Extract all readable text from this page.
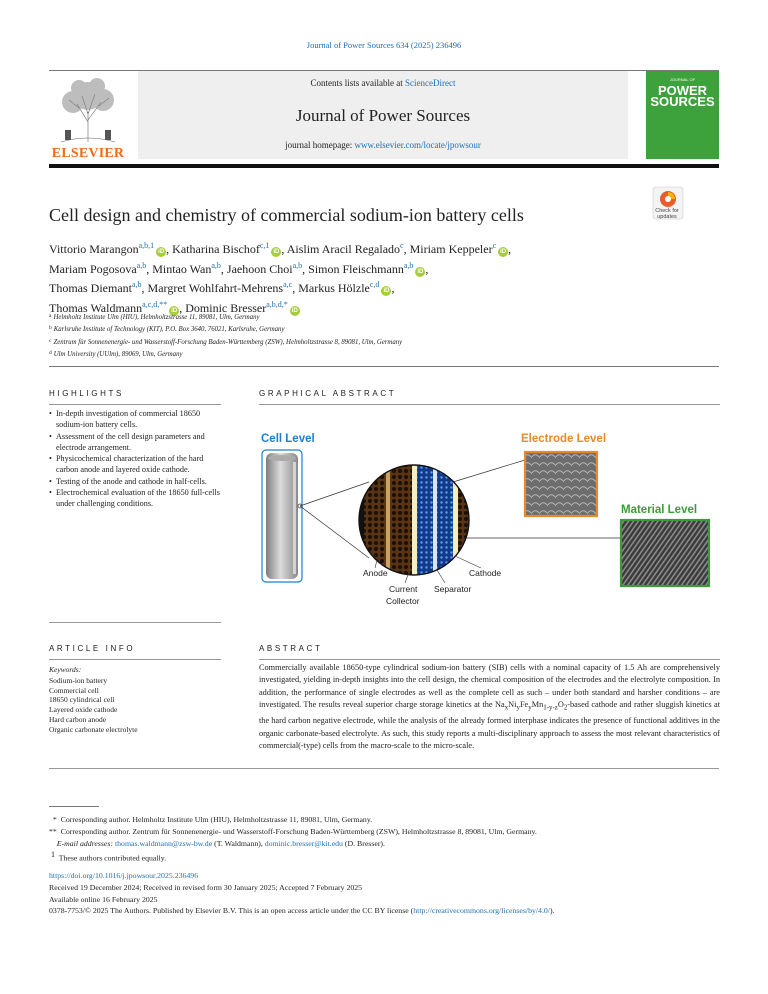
Journal of Power Sources 634 (2025) 236496
Contents lists available at ScienceDirect
Journal of Power Sources
journal homepage: www.elsevier.com/locate/jpowsour
ELSEVIER
JOURNAL OF
POWER
SOURCES
Cell design and chemistry of commercial sodium-ion battery cells	Check for
updates
Vittorio Marangon$^{a,b,1}$iD , Katharina Bischof$^{c,1}$iD , Aislim Aracil Regalado$^c$, Miriam Keppeler$^c$iD ,
Mariam Pogosova$^{a,b}$, Mintao Wan$^{a,b}$, Jaehoon Choi$^{a,b}$, Simon Fleischmann$^{a,b}$iD ,
Thomas Diemant$^{a,b}$, Margret Wohlfahrt-Mehrens$^{a,c}$, Markus Hölzle$^{c,d}$iD ,
Thomas Waldmann$^{a,c,d,**}$iD , Dominic Bresser$^{a,b,d,*}$iD
$^a$ Helmholtz Institute Ulm (HIU), Helmholtzstrasse 11, 89081, Ulm, Germany
$^b$ Karlsruhe Institute of Technology (KIT), P.O. Box 3640, 76021, Karlsruhe, Germany
$^c$ Zentrum für Sonnenenergie- und Wasserstoff-Forschung Baden-Württemberg (ZSW), Helmholtzstrasse 8, 89081, Ulm, Germany
$^d$ Ulm University (UUlm), 89069, Ulm, Germany
HIGHLIGHTS
• In-depth investigation of commercial 18650 sodium-ion battery cells.
• Assessment of the cell design parameters and electrode arrangement.
• Physicochemical characterization of the hard carbon anode and layered oxide cathode.
• Testing of the anode and cathode in half-cells.
• Electrochemical evaluation of the 18650 full-cells under challenging conditions.
GRAPHICAL ABSTRACT
Cell Level	Electrode Level
Material Level
Anode	Cathode
Current
Collector
Separator
ARTICLE INFO
Keywords:
Sodium-ion battery
Commercial cell
18650 cylindrical cell
Layered oxide cathode
Hard carbon anode
Organic carbonate electrolyte
ABSTRACT
Commercially available 18650-type cylindrical sodium-ion battery (SIB) cells with a nominal capacity of 1.5 Ah are comprehensively investigated, yielding in-depth insights into the cell design, the chemical composition of the electrodes and the electrolyte composition. In addition, the performance of single electrodes as well as the complete cell as such – under both standard and harsher conditions – are investigated. The results reveal superior charge storage kinetics at the $Na_xNi_yFe_yMn_{1-y-z}O_2$-based cathode and rather sluggish kinetics at the hard carbon negative electrode, while the analysis of the already formed interphase indicates the presence of functional additives in the organic carbonate-based electrolyte. As such, this study reports a multi-disciplinary approach to assess the most relevant characteristics of commercial(-type) cells from the macro-scale to the micro-scale.
*  Corresponding author. Helmholtz Institute Ulm (HIU), Helmholtzstrasse 11, 89081, Ulm, Germany.
**  Corresponding author. Zentrum für Sonnenenergie- und Wasserstoff-Forschung Baden-Württemberg (ZSW), Helmholtzstrasse 8, 89081, Ulm, Germany.
E-mail addresses: thomas.waldmann@zsw-bw.de (T. Waldmann), dominic.bresser@kit.edu (D. Bresser).
$^1$ These authors contributed equally.
https://doi.org/10.1016/j.jpowsour.2025.236496
Received 19 December 2024; Received in revised form 30 January 2025; Accepted 7 February 2025
Available online 16 February 2025
0378-7753/© 2025 The Authors. Published by Elsevier B.V. This is an open access article under the CC BY license (http://creativecommons.org/licenses/by/4.0/).
